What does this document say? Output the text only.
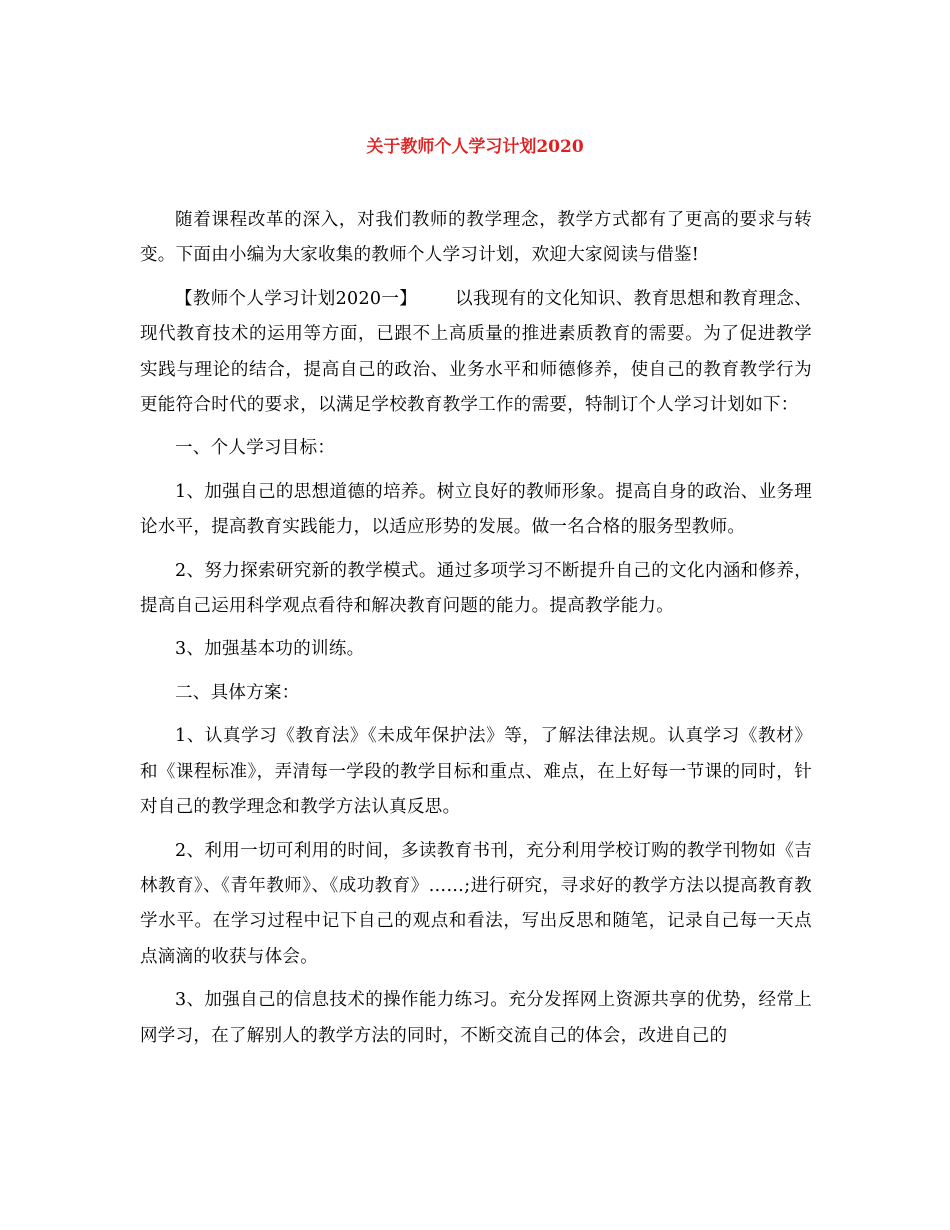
关于教师个人学习计划2020

随着课程改革的深入，对我们教师的教学理念，教学方式都有了更高的要求与转变。下面由小编为大家收集的教师个人学习计划，欢迎大家阅读与借鉴!

【教师个人学习计划2020一】 以我现有的文化知识、教育思想和教育理念、现代教育技术的运用等方面，已跟不上高质量的推进素质教育的需要。为了促进教学实践与理论的结合，提高自己的政治、业务水平和师德修养，使自己的教育教学行为更能符合时代的要求，以满足学校教育教学工作的需要，特制订个人学习计划如下：

一、个人学习目标：

1、加强自己的思想道德的培养。树立良好的教师形象。提高自身的政治、业务理论水平，提高教育实践能力，以适应形势的发展。做一名合格的服务型教师。

2、努力探索研究新的教学模式。通过多项学习不断提升自己的文化内涵和修养，提高自己运用科学观点看待和解决教育问题的能力。提高教学能力。

3、加强基本功的训练。

二、具体方案：

1、认真学习《教育法》《未成年保护法》等，了解法律法规。认真学习《教材》和《课程标准》，弄清每一学段的教学目标和重点、难点，在上好每一节课的同时，针对自己的教学理念和教学方法认真反思。

2、利用一切可利用的时间，多读教育书刊，充分利用学校订购的教学刊物如《吉林教育》、《青年教师》、《成功教育》……;进行研究，寻求好的教学方法以提高教育教学水平。在学习过程中记下自己的观点和看法，写出反思和随笔，记录自己每一天点点滴滴的收获与体会。

3、加强自己的信息技术的操作能力练习。充分发挥网上资源共享的优势，经常上网学习，在了解别人的教学方法的同时，不断交流自己的体会，改进自己的
